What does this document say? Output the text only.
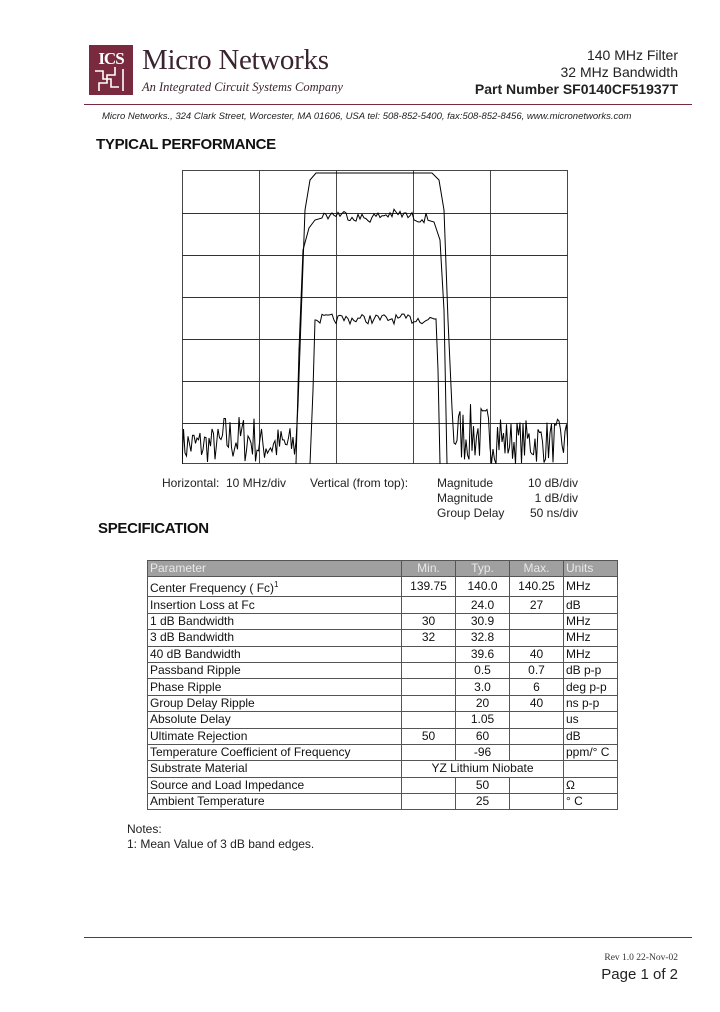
ICS Micro Networks
An Integrated Circuit Systems Company
140 MHz Filter
32 MHz Bandwidth
Part Number SF0140CF51937T
Micro Networks., 324 Clark Street, Worcester, MA 01606, USA tel: 508-852-5400, fax:508-852-8456, www.micronetworks.com
TYPICAL PERFORMANCE
Horizontal: 10 MHz/div Vertical (from top): Magnitude
Magnitude
Group Delay
10 dB/div
1 dB/div
50 ns/div
SPECIFICATION
Parameter	Min.	Typ.	Max.	Units
Center Frequency ( Fc)$^1$	139.75	140.0	140.25	MHz
Insertion Loss at Fc		24.0	27	dB
1 dB Bandwidth	30	30.9		MHz
3 dB Bandwidth	32	32.8		MHz
40 dB Bandwidth		39.6	40	MHz
Passband Ripple		0.5	0.7	dB p-p
Phase Ripple		3.0	6	deg p-p
Group Delay Ripple		20	40	ns p-p
Absolute Delay		1.05		us
Ultimate Rejection	50	60		dB
Temperature Coefficient of Frequency		-96		ppm/° C
Substrate Material	YZ Lithium Niobate			
Source and Load Impedance		50		Ω
Ambient Temperature		25		° C
Notes:
1: Mean Value of 3 dB band edges.
Rev 1.0 22-Nov-02
Page 1 of 2
